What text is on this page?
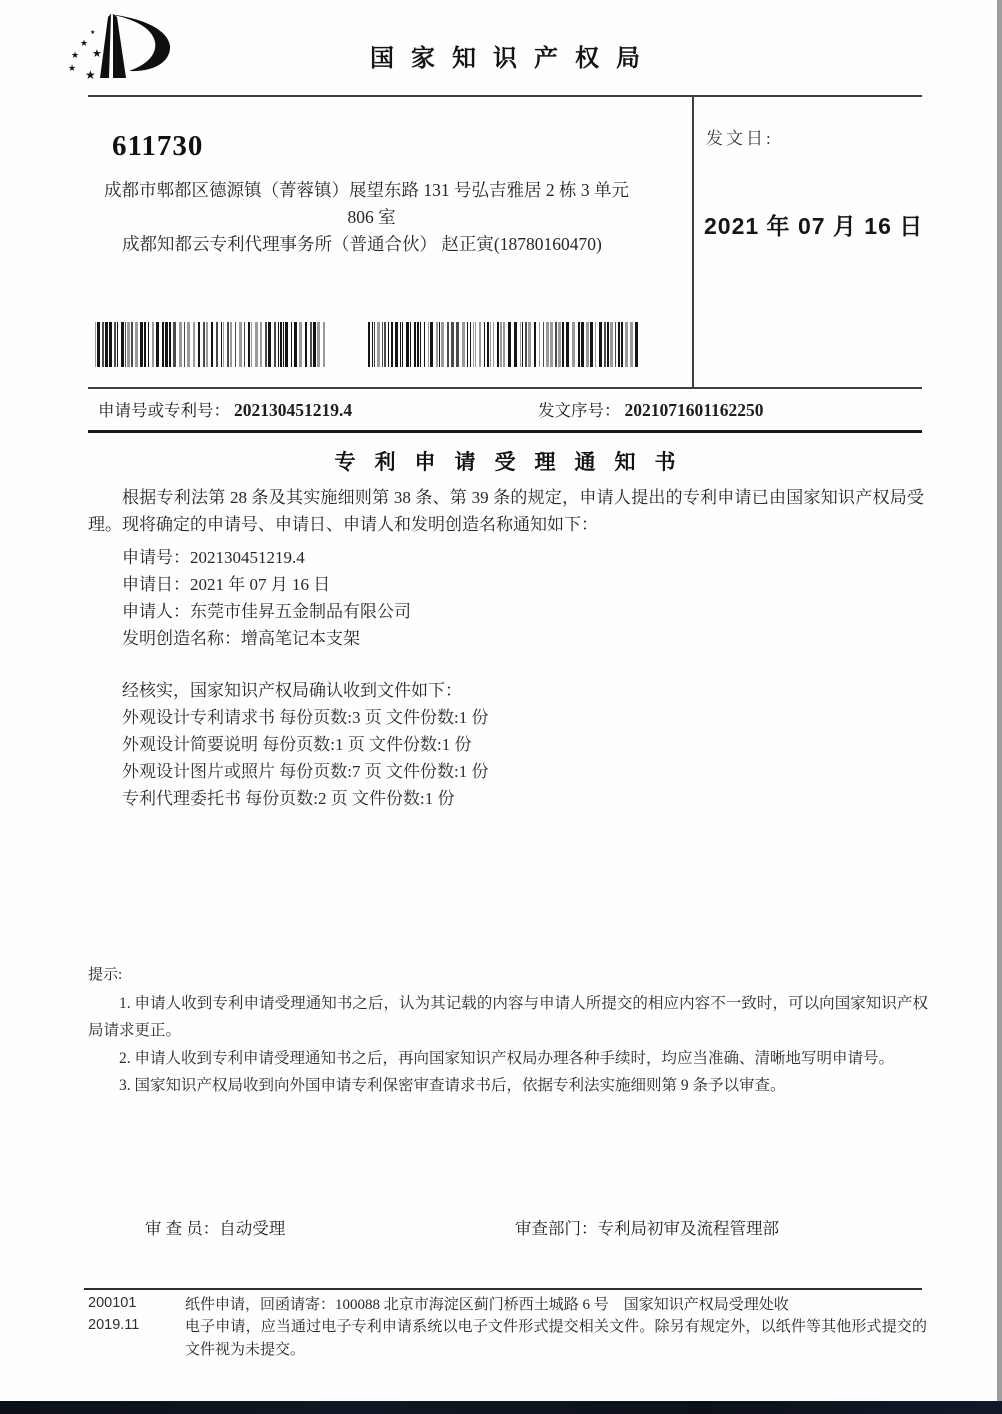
★
★
★
★
★ ★
国家知识产权局
611730
成都市郫都区德源镇（菁蓉镇）展望东路 131 号弘吉雅居 2 栋 3 单元
806 室
成都知都云专利代理事务所（普通合伙） 赵正寅(18780160470)
发文日:
2021 年 07 月 16 日
申请号或专利号： 202130451219.4	发文序号： 2021071601162250
专利申请受理通知书
根据专利法第 28 条及其实施细则第 38 条、第 39 条的规定，申请人提出的专利申请已由国家知识产权局受理。现将确定的申请号、申请日、申请人和发明创造名称通知如下：
申请号：202130451219.4
申请日：2021 年 07 月 16 日
申请人：东莞市佳昇五金制品有限公司
发明创造名称：增高笔记本支架
经核实，国家知识产权局确认收到文件如下：
外观设计专利请求书 每份页数:3 页 文件份数:1 份
外观设计简要说明 每份页数:1 页 文件份数:1 份
外观设计图片或照片 每份页数:7 页 文件份数:1 份
专利代理委托书 每份页数:2 页 文件份数:1 份
提示:
1. 申请人收到专利申请受理通知书之后，认为其记载的内容与申请人所提交的相应内容不一致时，可以向国家知识产权局请求更正。
2. 申请人收到专利申请受理通知书之后，再向国家知识产权局办理各种手续时，均应当准确、清晰地写明申请号。
3. 国家知识产权局收到向外国申请专利保密审查请求书后，依据专利法实施细则第 9 条予以审查。
审 查 员：自动受理	审查部门：专利局初审及流程管理部
200101
2019.11
纸件申请，回函请寄：100088 北京市海淀区蓟门桥西土城路 6 号　国家知识产权局受理处收
电子申请，应当通过电子专利申请系统以电子文件形式提交相关文件。除另有规定外，以纸件等其他形式提交的文件视为未提交。
